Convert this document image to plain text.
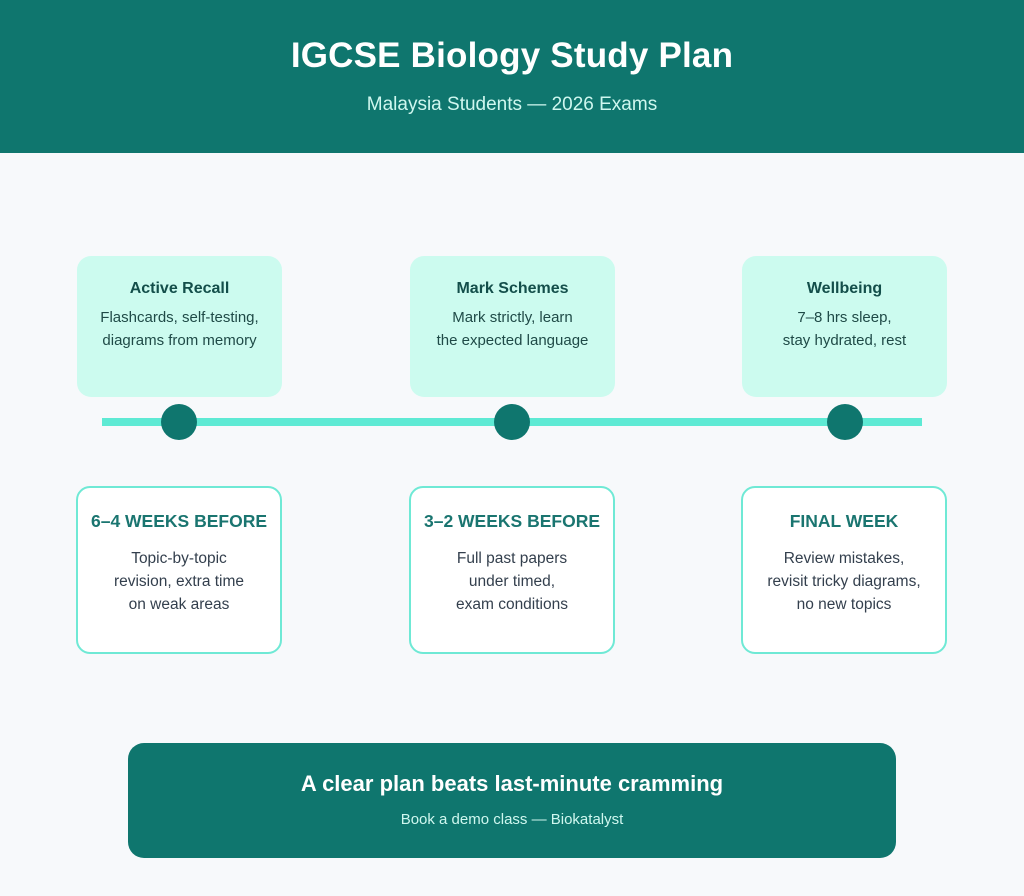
IGCSE Biology Study Plan
Malaysia Students — 2026 Exams
Active Recall
Flashcards, self-testing,
diagrams from memory
Mark Schemes
Mark strictly, learn
the expected language
Wellbeing
7–8 hrs sleep,
stay hydrated, rest
6–4 WEEKS BEFORE
Topic-by-topic
revision, extra time
on weak areas
3–2 WEEKS BEFORE
Full past papers
under timed,
exam conditions
FINAL WEEK
Review mistakes,
revisit tricky diagrams,
no new topics
A clear plan beats last-minute cramming
Book a demo class — Biokatalyst
